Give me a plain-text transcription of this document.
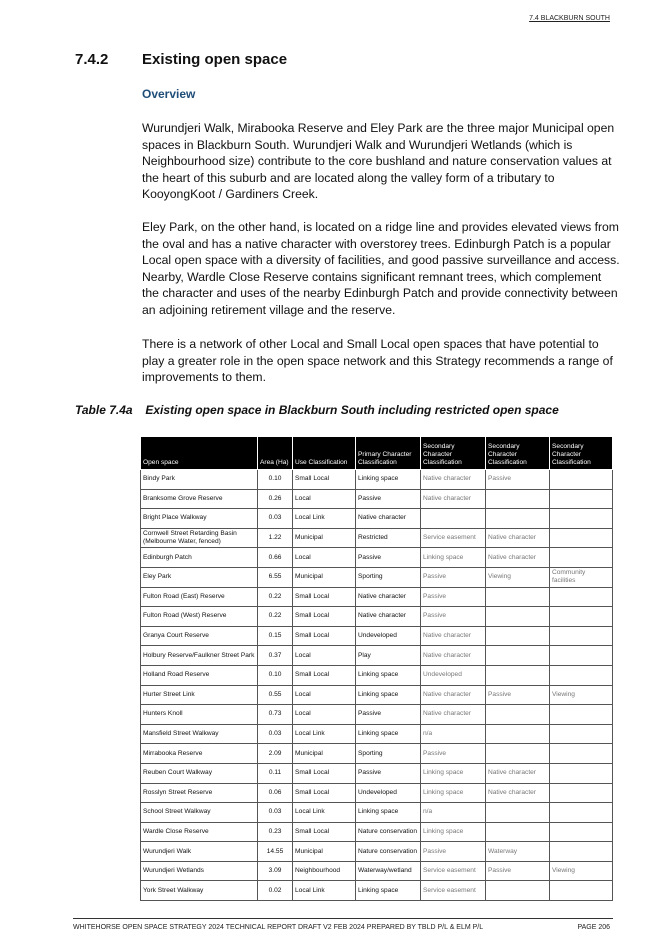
7.4 BLACKBURN SOUTH
7.4.2 Existing open space
Overview

Wurundjeri Walk, Mirabooka Reserve and Eley Park are the three major Municipal open spaces in Blackburn South. Wurundjeri Walk and Wurundjeri Wetlands (which is Neighbourhood size) contribute to the core bushland and nature conservation values at the heart of this suburb and are located along the valley form of a tributary to KooyongKoot / Gardiners Creek.

Eley Park, on the other hand, is located on a ridge line and provides elevated views from the oval and has a native character with overstorey trees. Edinburgh Patch is a popular Local open space with a diversity of facilities, and good passive surveillance and access. Nearby, Wardle Close Reserve contains significant remnant trees, which complement the character and uses of the nearby Edinburgh Patch and provide connectivity between an adjoining retirement village and the reserve.

There is a network of other Local and Small Local open spaces that have potential to play a greater role in the open space network and this Strategy recommends a range of improvements to them.

Table 7.4a Existing open space in Blackburn South including restricted open space
Open space	Area (Ha)	Use Classification	Primary Character Classification	Secondary Character Classification	Secondary Character Classification	Secondary Character Classification
Bindy Park	0.10	Small Local	Linking space	Native character	Passive	
Branksome Grove Reserve	0.26	Local	Passive	Native character		
Bright Place Walkway	0.03	Local Link	Native character			
Cornwell Street Retarding Basin (Melbourne Water, fenced)	1.22	Municipal	Restricted	Service easement	Native character	
Edinburgh Patch	0.66	Local	Passive	Linking space	Native character	
Eley Park	6.55	Municipal	Sporting	Passive	Viewing	Community facilities
Fulton Road (East) Reserve	0.22	Small Local	Native character	Passive		
Fulton Road (West) Reserve	0.22	Small Local	Native character	Passive		
Granya Court Reserve	0.15	Small Local	Undeveloped	Native character		
Holbury Reserve/Faulkner Street Park	0.37	Local	Play	Native character		
Holland Road Reserve	0.10	Small Local	Linking space	Undeveloped		
Hurter Street Link	0.55	Local	Linking space	Native character	Passive	Viewing
Hunters Knoll	0.73	Local	Passive	Native character		
Mansfield Street Walkway	0.03	Local Link	Linking space	n/a		
Mirrabooka Reserve	2.09	Municipal	Sporting	Passive		
Reuben Court Walkway	0.11	Small Local	Passive	Linking space	Native character	
Rosslyn Street Reserve	0.06	Small Local	Undeveloped	Linking space	Native character	
School Street Walkway	0.03	Local Link	Linking space	n/a		
Wardle Close Reserve	0.23	Small Local	Nature conservation	Linking space		
Wurundjeri Walk	14.55	Municipal	Nature conservation	Passive	Waterway	
Wurundjeri Wetlands	3.09	Neighbourhood	Waterway/wetland	Service easement	Passive	Viewing
York Street Walkway	0.02	Local Link	Linking space	Service easement		
WHITEHORSE OPEN SPACE STRATEGY 2024 TECHNICAL REPORT DRAFT V2 FEB 2024 PREPARED BY TBLD P/L & ELM P/L	PAGE 206
